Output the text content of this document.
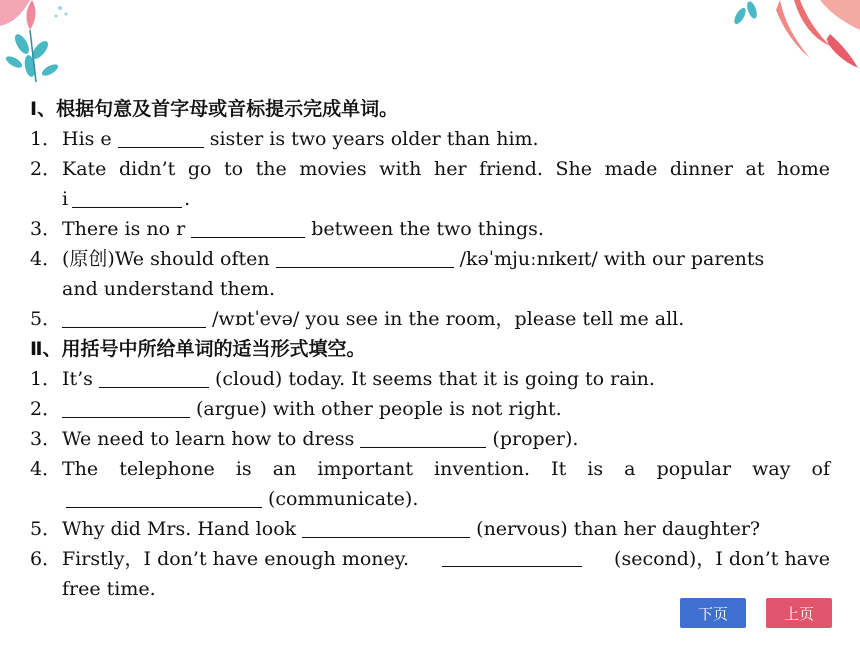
Ⅰ、根据句意及首字母或音标提示完成单词。
1．His e	sister is two years older than him.
2． Kate didn’t go to the movies with her friend. She made dinner at home
i	.
3．There is no r	between the two things.
4．(原创)We should often	/kəˈmjuːnɪkeɪt/ with our parents
and understand them.
5．	/wɒtˈevə/ you see in the room，please tell me all.
Ⅱ、用括号中所给单词的适当形式填空。
1．It’s	(cloud) today. It seems that it is going to rain.
2．	(argue) with other people is not right.
3．We need to learn how to dress	(proper).
4． The telephone is an important invention. It is a popular way of
(communicate).
5．Why did Mrs. Hand look	(nervous) than her daughter?
6． Firstly，I don’t have enough money.	(second)，I don’t have
free time.
下页	上页
